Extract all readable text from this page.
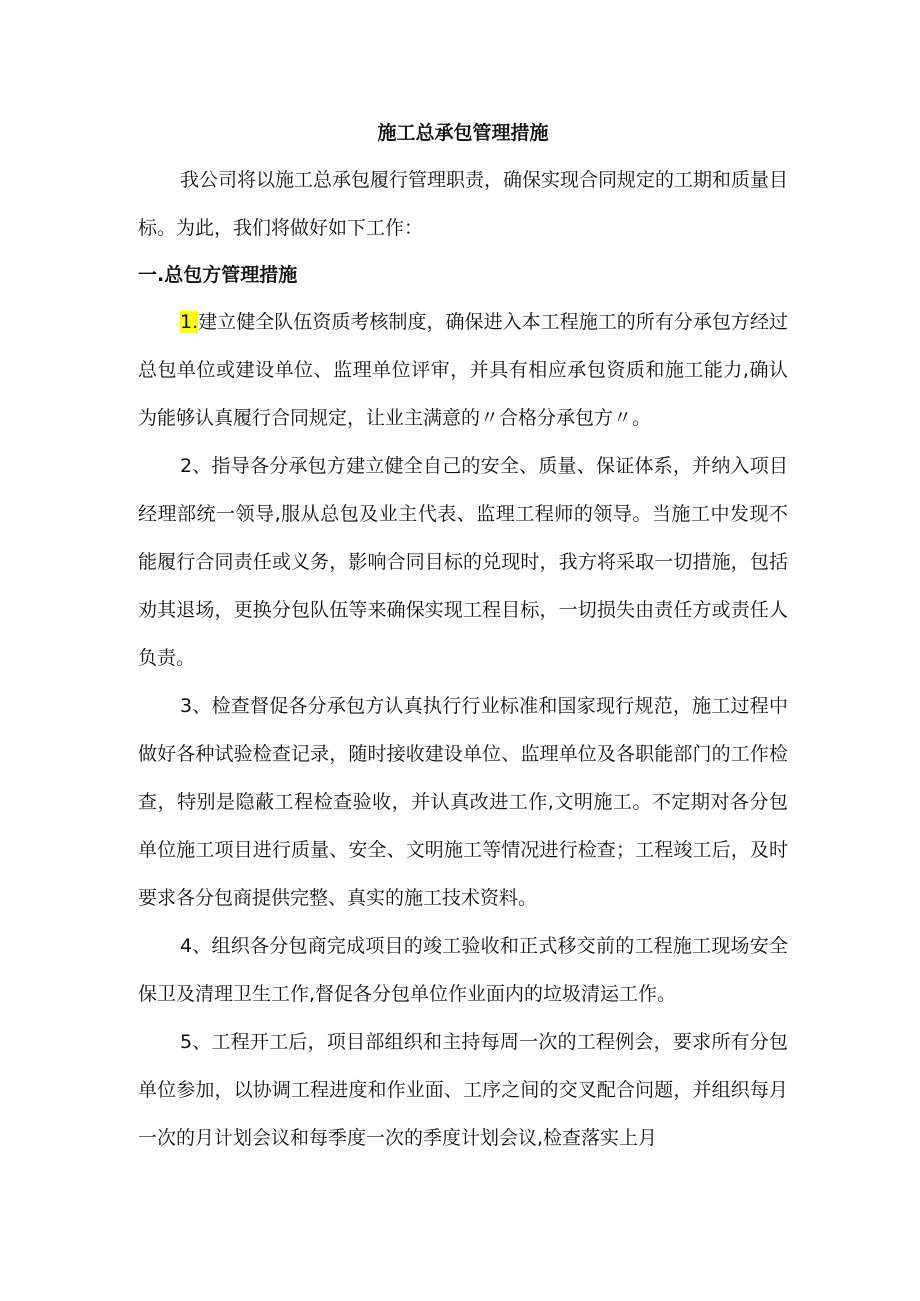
施工总承包管理措施

我公司将以施工总承包履行管理职责，确保实现合同规定的工期和质量目标。为此，我们将做好如下工作：

一.总包方管理措施

1.建立健全队伍资质考核制度，确保进入本工程施工的所有分承包方经过总包单位或建设单位、监理单位评审，并具有相应承包资质和施工能力,确认为能够认真履行合同规定，让业主满意的〃合格分承包方〃。

2、指导各分承包方建立健全自己的安全、质量、保证体系，并纳入项目经理部统一领导,服从总包及业主代表、监理工程师的领导。当施工中发现不能履行合同责任或义务，影响合同目标的兑现时，我方将采取一切措施，包括劝其退场，更换分包队伍等来确保实现工程目标，一切损失由责任方或责任人负责。

3、检查督促各分承包方认真执行行业标准和国家现行规范，施工过程中做好各种试验检查记录，随时接收建设单位、监理单位及各职能部门的工作检查，特别是隐蔽工程检查验收，并认真改进工作,文明施工。不定期对各分包单位施工项目进行质量、安全、文明施工等情况进行检查；工程竣工后，及时要求各分包商提供完整、真实的施工技术资料。

4、组织各分包商完成项目的竣工验收和正式移交前的工程施工现场安全保卫及清理卫生工作,督促各分包单位作业面内的垃圾清运工作。

5、工程开工后，项目部组织和主持每周一次的工程例会，要求所有分包单位参加，以协调工程进度和作业面、工序之间的交叉配合问题，并组织每月一次的月计划会议和每季度一次的季度计划会议,检查落实上月
